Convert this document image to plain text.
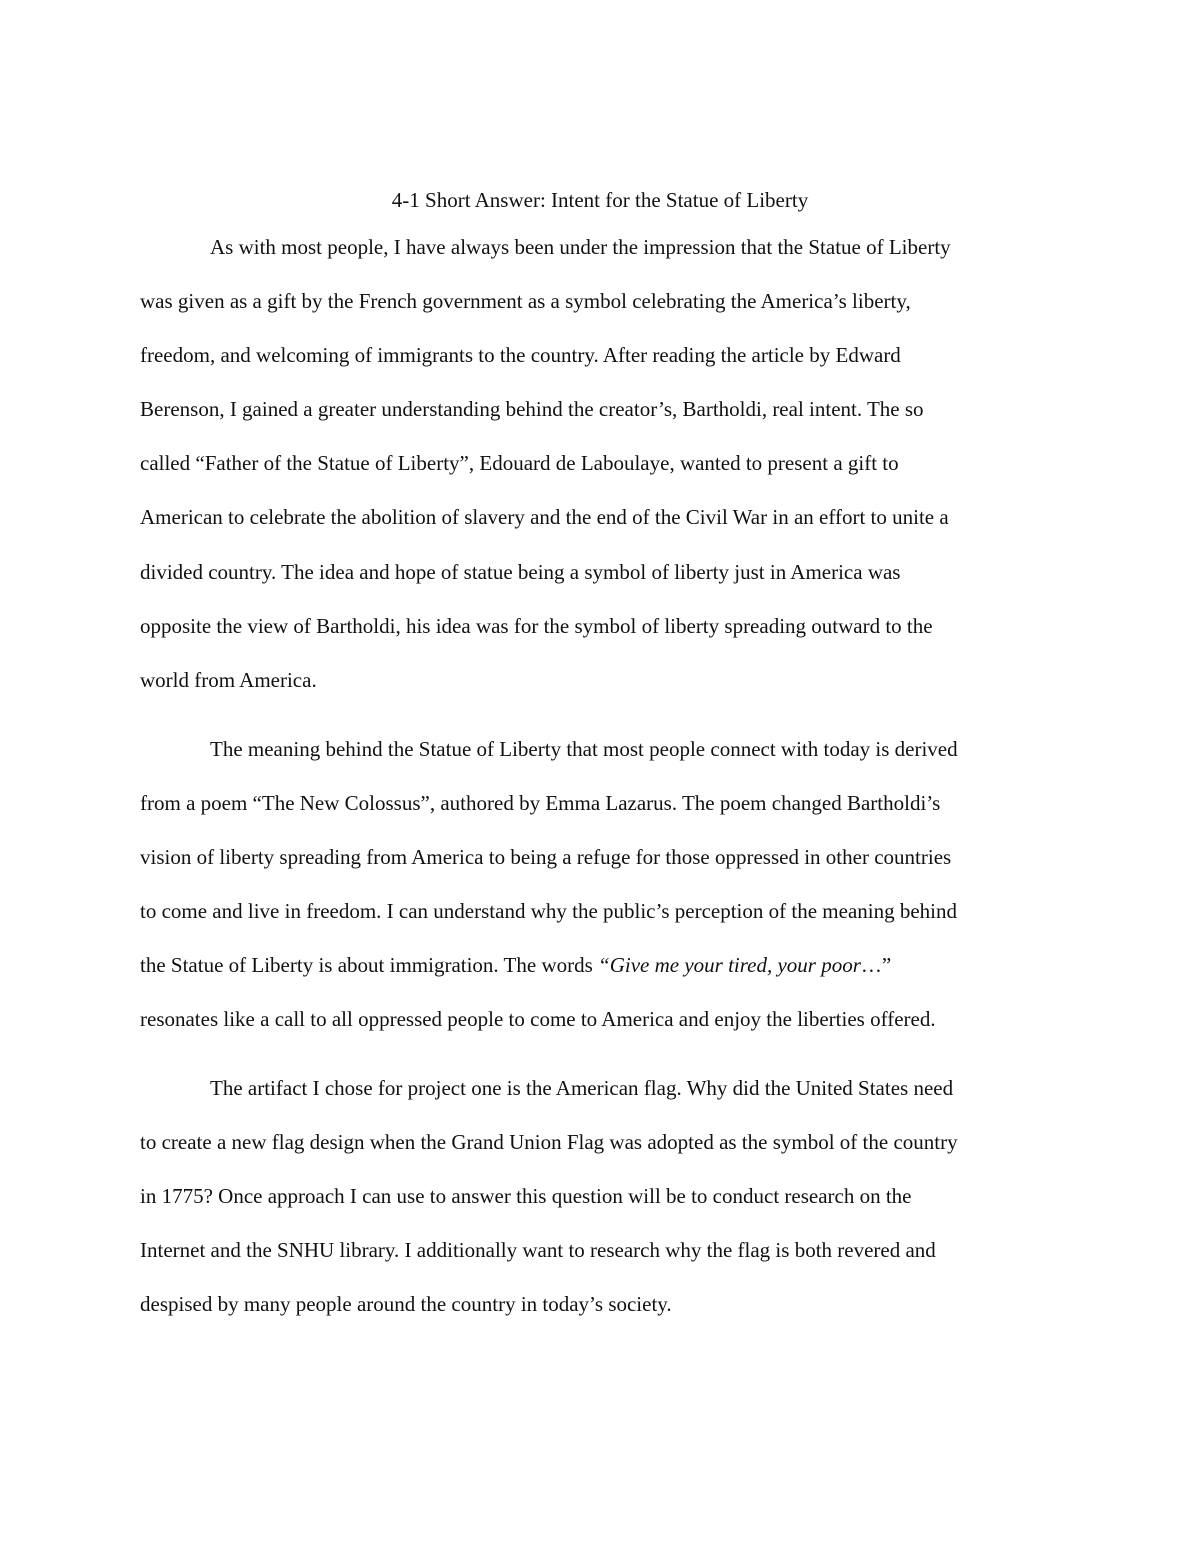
4-1 Short Answer: Intent for the Statue of Liberty
As with most people, I have always been under the impression that the Statue of Liberty
was given as a gift by the French government as a symbol celebrating the America’s liberty,
freedom, and welcoming of immigrants to the country. After reading the article by Edward
Berenson, I gained a greater understanding behind the creator’s, Bartholdi, real intent. The so
called “Father of the Statue of Liberty”, Edouard de Laboulaye, wanted to present a gift to
American to celebrate the abolition of slavery and the end of the Civil War in an effort to unite a
divided country. The idea and hope of statue being a symbol of liberty just in America was
opposite the view of Bartholdi, his idea was for the symbol of liberty spreading outward to the
world from America.
The meaning behind the Statue of Liberty that most people connect with today is derived
from a poem “The New Colossus”, authored by Emma Lazarus. The poem changed Bartholdi’s
vision of liberty spreading from America to being a refuge for those oppressed in other countries
to come and live in freedom. I can understand why the public’s perception of the meaning behind
the Statue of Liberty is about immigration. The words “Give me your tired, your poor…”
resonates like a call to all oppressed people to come to America and enjoy the liberties offered.
The artifact I chose for project one is the American flag. Why did the United States need
to create a new flag design when the Grand Union Flag was adopted as the symbol of the country
in 1775? Once approach I can use to answer this question will be to conduct research on the
Internet and the SNHU library. I additionally want to research why the flag is both revered and
despised by many people around the country in today’s society.
